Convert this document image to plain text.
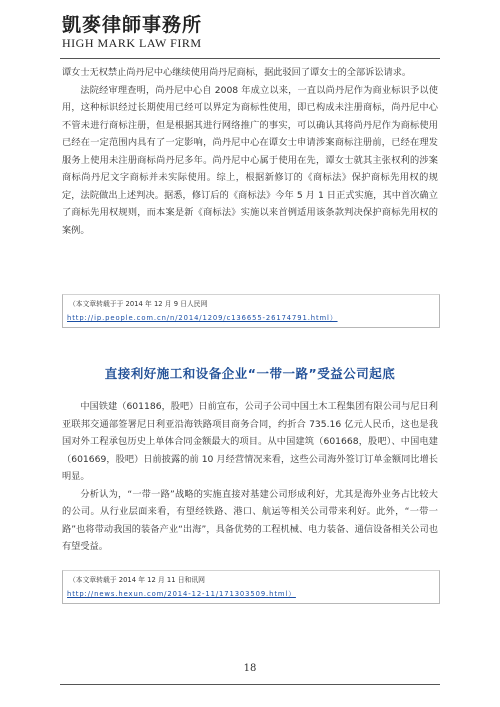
凱麥律師事務所
HIGH MARK LAW FIRM

谭女士无权禁止尚丹尼中心继续使用尚丹尼商标，据此驳回了谭女士的全部诉讼请求。

法院经审理查明，尚丹尼中心自 2008 年成立以来，一直以尚丹尼作为商业标识予以使用，这种标识经过长期使用已经可以界定为商标性使用，即已构成未注册商标，尚丹尼中心不管未进行商标注册，但是根据其进行网络推广的事实，可以确认其将尚丹尼作为商标使用已经在一定范围内具有了一定影响，尚丹尼中心在谭女士申请涉案商标注册前，已经在理发服务上使用未注册商标尚丹尼多年。尚丹尼中心属于使用在先，谭女士就其主张权利的涉案商标尚丹尼文字商标并未实际使用。综上，根据新修订的《商标法》保护商标先用权的规定，法院做出上述判决。据悉，修订后的《商标法》今年 5 月 1 日正式实施，其中首次确立了商标先用权规则，而本案是新《商标法》实施以来首例适用该条款判决保护商标先用权的案例。

（本文章转载于于 2014 年 12 月 9 日人民网
http://ip.people.com.cn/n/2014/1209/c136655-26174791.html）
直接利好施工和设备企业“一带一路”受益公司起底

中国铁建（601186，股吧）日前宣布，公司子公司中国土木工程集团有限公司与尼日利亚联邦交通部签署尼日利亚沿海铁路项目商务合同，约折合 735.16 亿元人民币，这也是我国对外工程承包历史上单体合同金额最大的项目。从中国建筑（601668，股吧）、中国电建（601669，股吧）日前披露的前 10 月经营情况来看，这些公司海外签订订单金额同比增长明显。

分析认为，“一带一路”战略的实施直接对基建公司形成利好，尤其是海外业务占比较大的公司。从行业层面来看，有望经铁路、港口、航运等相关公司带来利好。此外，“一带一路”也将带动我国的装备产业“出海”，具备优势的工程机械、电力装备、通信设备相关公司也有望受益。

（本文章转载于 2014 年 12 月 11 日和讯网
http://news.hexun.com/2014-12-11/171303509.html）
18
